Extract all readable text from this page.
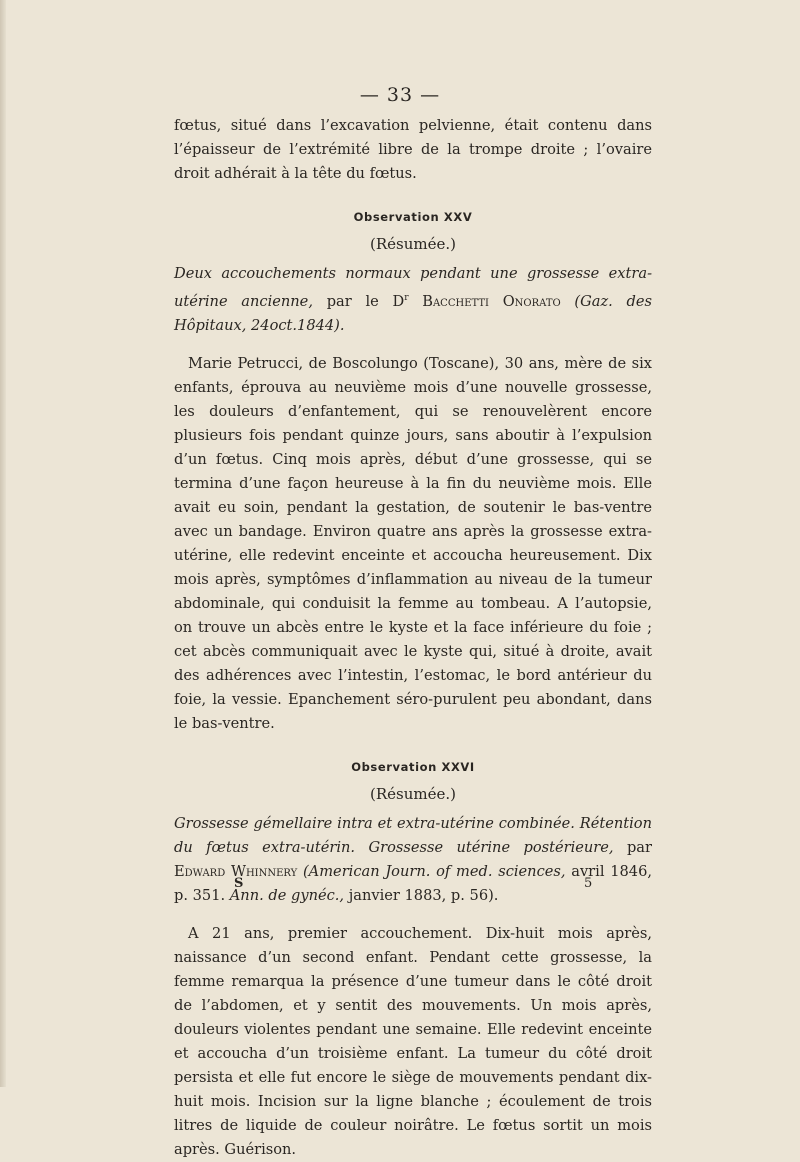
— 33 —

fœtus, situé dans l’excavation pelvienne, était contenu dans l’épaisseur de l’extrémité libre de la trompe droite ; l’ovaire droit adhérait à la tête du fœtus.

Observation XXV
(Résumée.)

Deux accouchements normaux pendant une grossesse extra-utérine ancienne, par le $D^r$ Bacchetti Onorato (Gaz. des Hôpitaux, 24oct.1844).

Marie Petrucci, de Boscolungo (Toscane), 30 ans, mère de six enfants, éprouva au neuvième mois d’une nouvelle grossesse, les douleurs d’enfantement, qui se renouvelèrent encore plusieurs fois pendant quinze jours, sans aboutir à l’expulsion d’un fœtus. Cinq mois après, début d’une grossesse, qui se termina d’une façon heureuse à la fin du neuvième mois. Elle avait eu soin, pendant la gestation, de soutenir le bas-ventre avec un bandage. Environ quatre ans après la grossesse extra-utérine, elle redevint enceinte et accoucha heureusement. Dix mois après, symptômes d’inflammation au niveau de la tumeur abdominale, qui conduisit la femme au tombeau. A l’autopsie, on trouve un abcès entre le kyste et la face inférieure du foie ; cet abcès communiquait avec le kyste qui, situé à droite, avait des adhérences avec l’intestin, l’estomac, le bord antérieur du foie, la vessie. Epanchement séro-purulent peu abondant, dans le bas-ventre.

Observation XXVI
(Résumée.)

Grossesse gémellaire intra et extra-utérine combinée. Rétention du fœtus extra-utérin. Grossesse utérine postérieure, par Edward Whinnery (American Journ. of med. sciences, avril 1846, p. 351. Ann. de gynéc., janvier 1883, p. 56).

A 21 ans, premier accouchement. Dix-huit mois après, naissance d’un second enfant. Pendant cette grossesse, la femme remarqua la présence d’une tumeur dans le côté droit de l’abdomen, et y sentit des mouvements. Un mois après, douleurs violentes pendant une semaine. Elle redevint enceinte et accoucha d’un troisième enfant. La tumeur du côté droit persista et elle fut encore le siège de mouvements pendant dix-huit mois. Incision sur la ligne blanche ; écoulement de trois litres de liquide de couleur noirâtre. Le fœtus sortit un mois après. Guérison.

S	5
